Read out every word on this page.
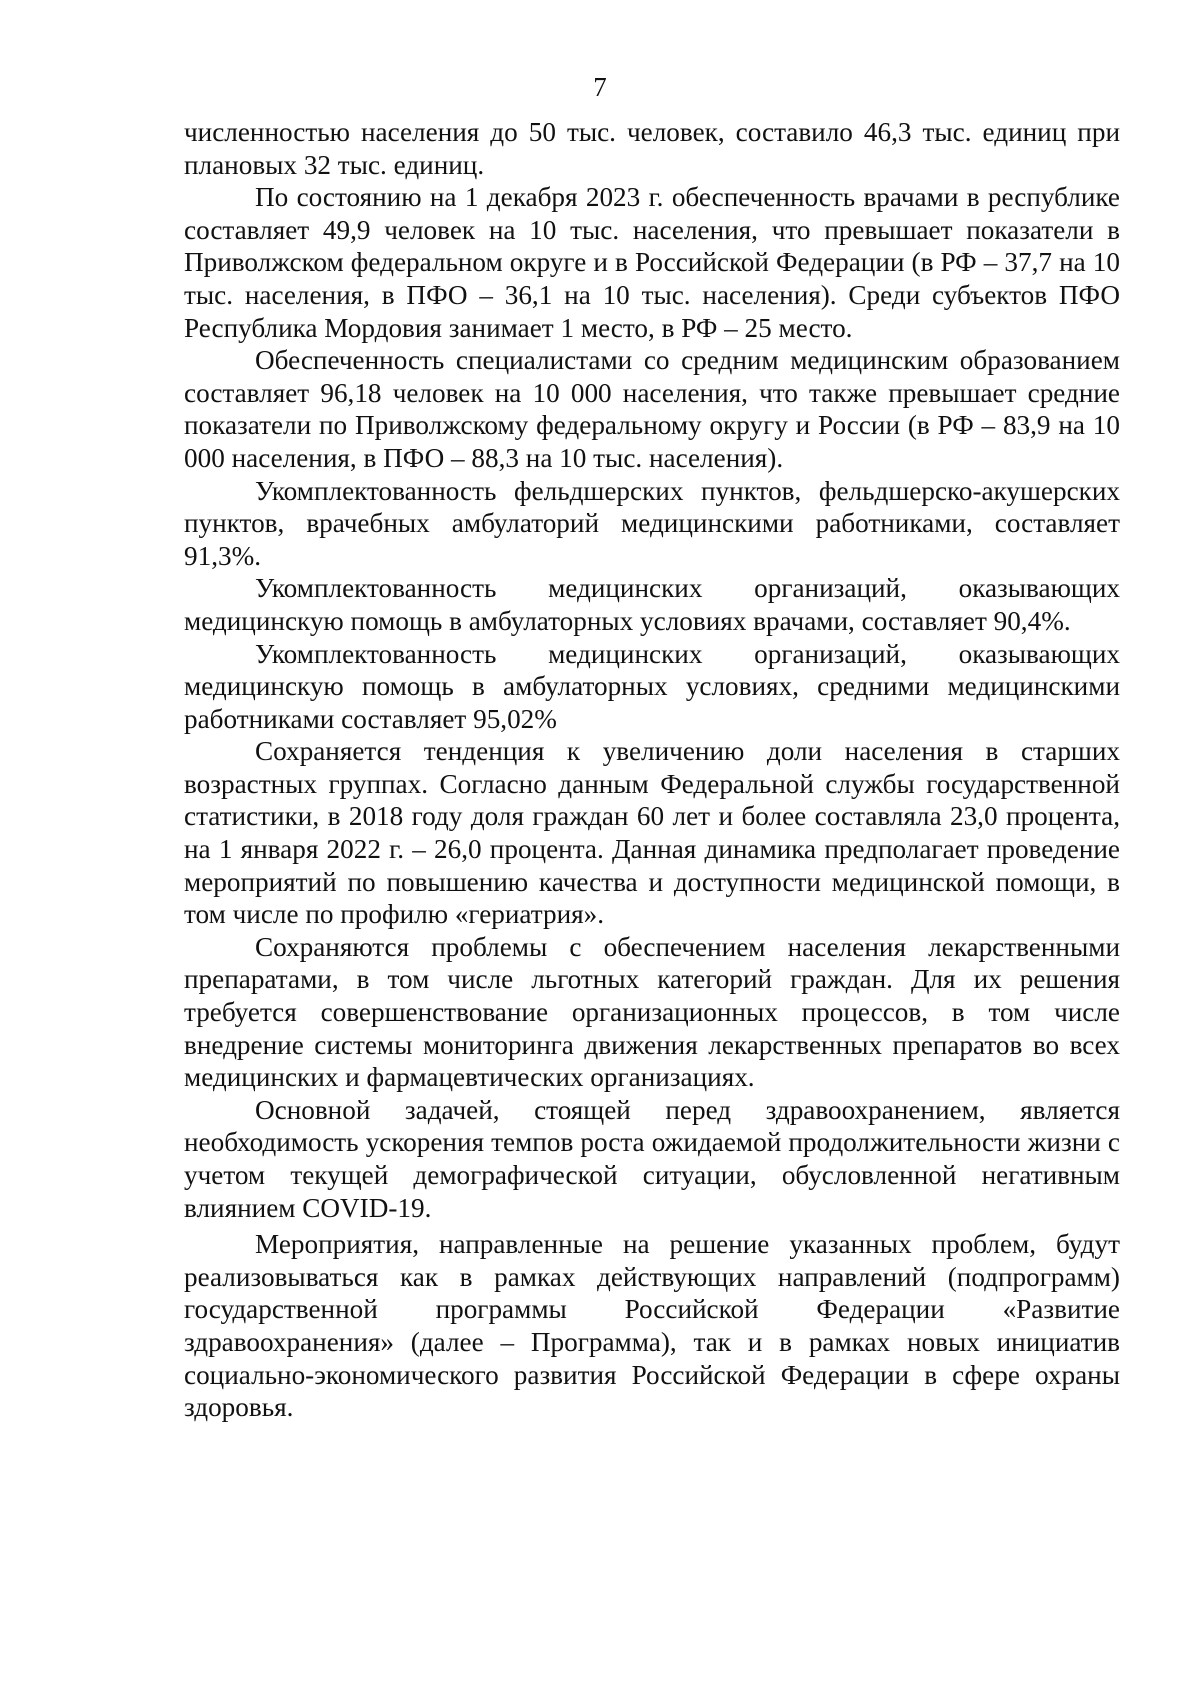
7

численностью населения до 50 тыс. человек, составило 46,3 тыс. единиц при плановых 32 тыс. единиц.

По состоянию на 1 декабря 2023 г. обеспеченность врачами в республике составляет 49,9 человек на 10 тыс. населения, что превышает показатели в Приволжском федеральном округе и в Российской Федерации (в РФ – 37,7 на 10 тыс. населения, в ПФО – 36,1 на 10 тыс. населения). Среди субъектов ПФО Республика Мордовия занимает 1 место, в РФ – 25 место.

Обеспеченность специалистами со средним медицинским образованием составляет 96,18 человек на 10 000 населения, что также превышает средние показатели по Приволжскому федеральному округу и России (в РФ – 83,9 на 10 000 населения, в ПФО – 88,3 на 10 тыс. населения).

Укомплектованность фельдшерских пунктов, фельдшерско-акушерских пунктов, врачебных амбулаторий медицинскими работниками, составляет 91,3%.

Укомплектованность медицинских организаций, оказывающих медицинскую помощь в амбулаторных условиях врачами, составляет 90,4%.

Укомплектованность медицинских организаций, оказывающих медицинскую помощь в амбулаторных условиях, средними медицинскими работниками составляет 95,02%

Сохраняется тенденция к увеличению доли населения в старших возрастных группах. Согласно данным Федеральной службы государственной статистики, в 2018 году доля граждан 60 лет и более составляла 23,0 процента, на 1 января 2022 г. – 26,0 процента. Данная динамика предполагает проведение мероприятий по повышению качества и доступности медицинской помощи, в том числе по профилю «гериатрия».

Сохраняются проблемы с обеспечением населения лекарственными препаратами, в том числе льготных категорий граждан. Для их решения требуется совершенствование организационных процессов, в том числе внедрение системы мониторинга движения лекарственных препаратов во всех медицинских и фармацевтических организациях.

Основной задачей, стоящей перед здравоохранением, является необходимость ускорения темпов роста ожидаемой продолжительности жизни с учетом текущей демографической ситуации, обусловленной негативным влиянием COVID-19.

Мероприятия, направленные на решение указанных проблем, будут реализовываться как в рамках действующих направлений (подпрограмм) государственной программы Российской Федерации «Развитие здравоохранения» (далее – Программа), так и в рамках новых инициатив социально-экономического развития Российской Федерации в сфере охраны здоровья.
